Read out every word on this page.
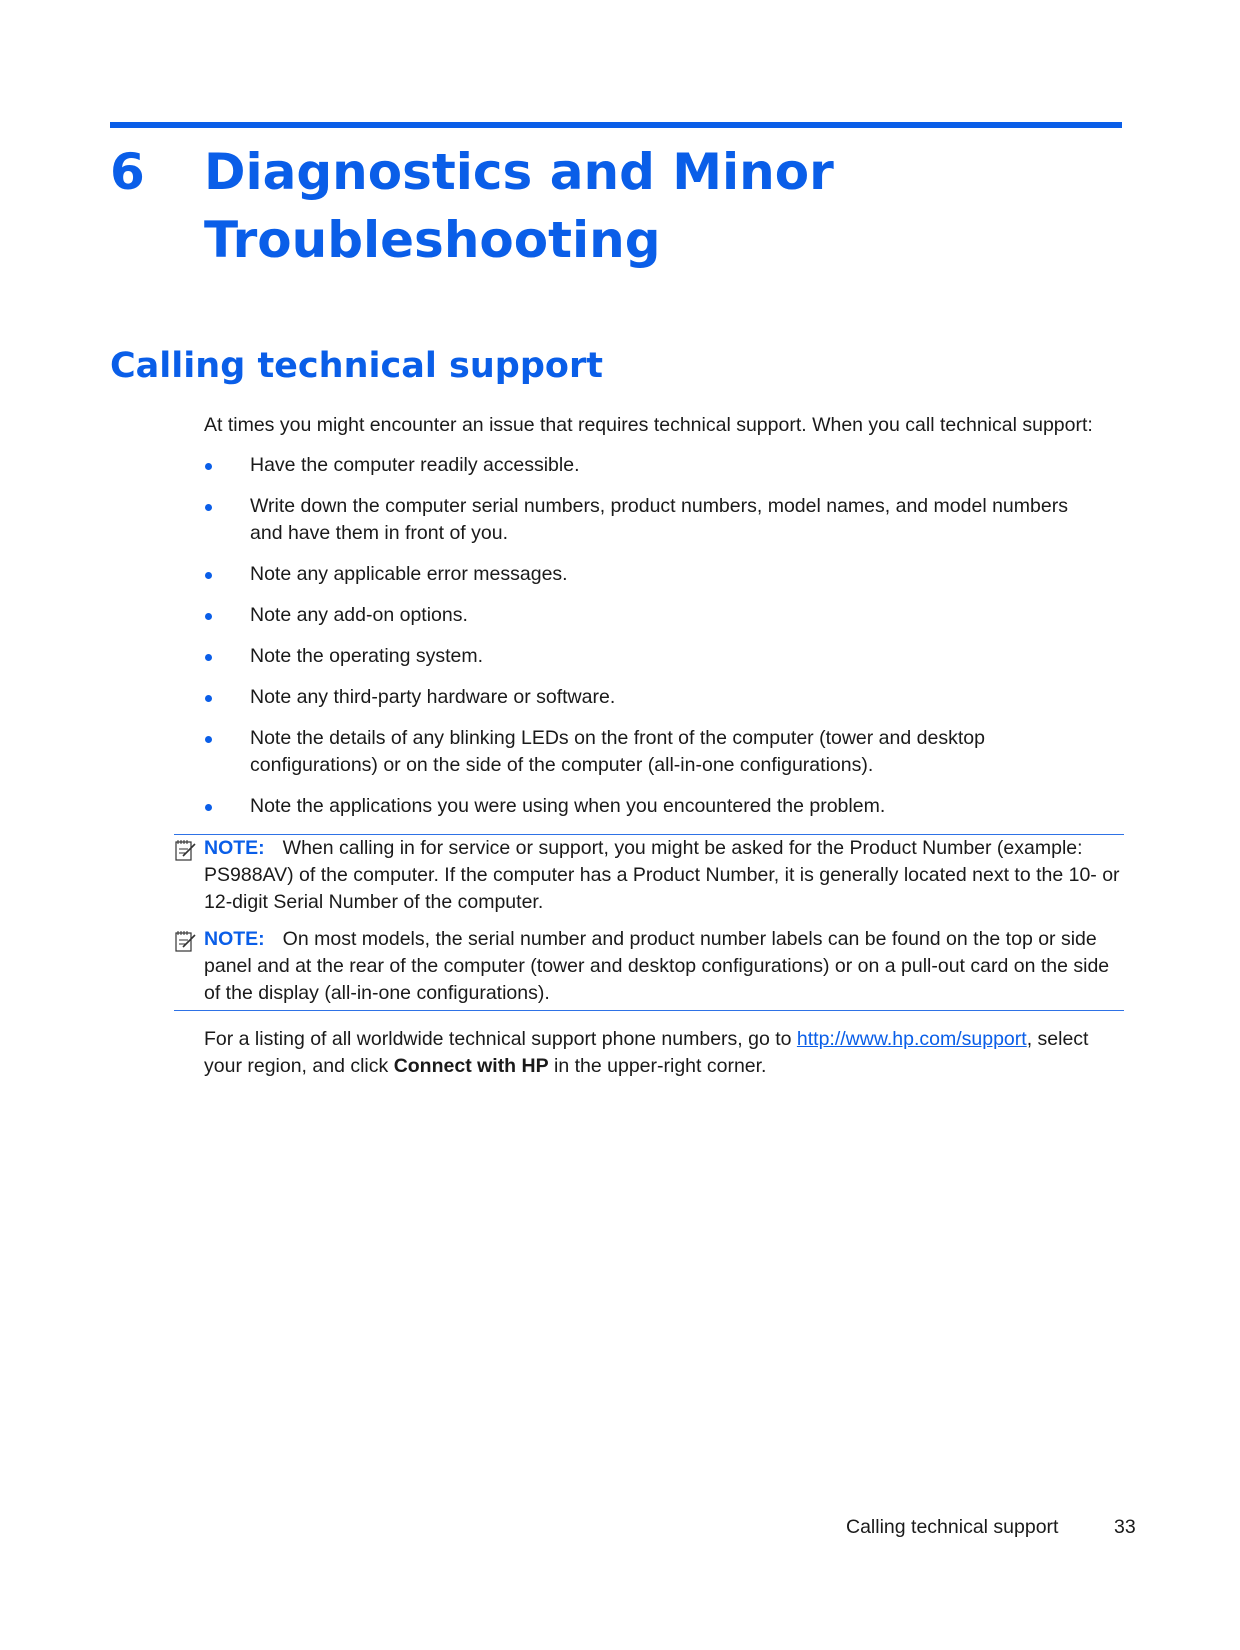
6 Diagnostics and Minor
Troubleshooting
Calling technical support
At times you might encounter an issue that requires technical support. When you call technical support:
Have the computer readily accessible.
Write down the computer serial numbers, product numbers, model names, and model numbers and have them in front of you.
Note any applicable error messages.
Note any add-on options.
Note the operating system.
Note any third-party hardware or software.
Note the details of any blinking LEDs on the front of the computer (tower and desktop configurations) or on the side of the computer (all-in-one configurations).
Note the applications you were using when you encountered the problem.
NOTE: When calling in for service or support, you might be asked for the Product Number (example: PS988AV) of the computer. If the computer has a Product Number, it is generally located next to the 10- or 12-digit Serial Number of the computer.
NOTE: On most models, the serial number and product number labels can be found on the top or side panel and at the rear of the computer (tower and desktop configurations) or on a pull-out card on the side of the display (all-in-one configurations).
For a listing of all worldwide technical support phone numbers, go to http://www.hp.com/support, select your region, and click Connect with HP in the upper-right corner.
Calling technical support	33
